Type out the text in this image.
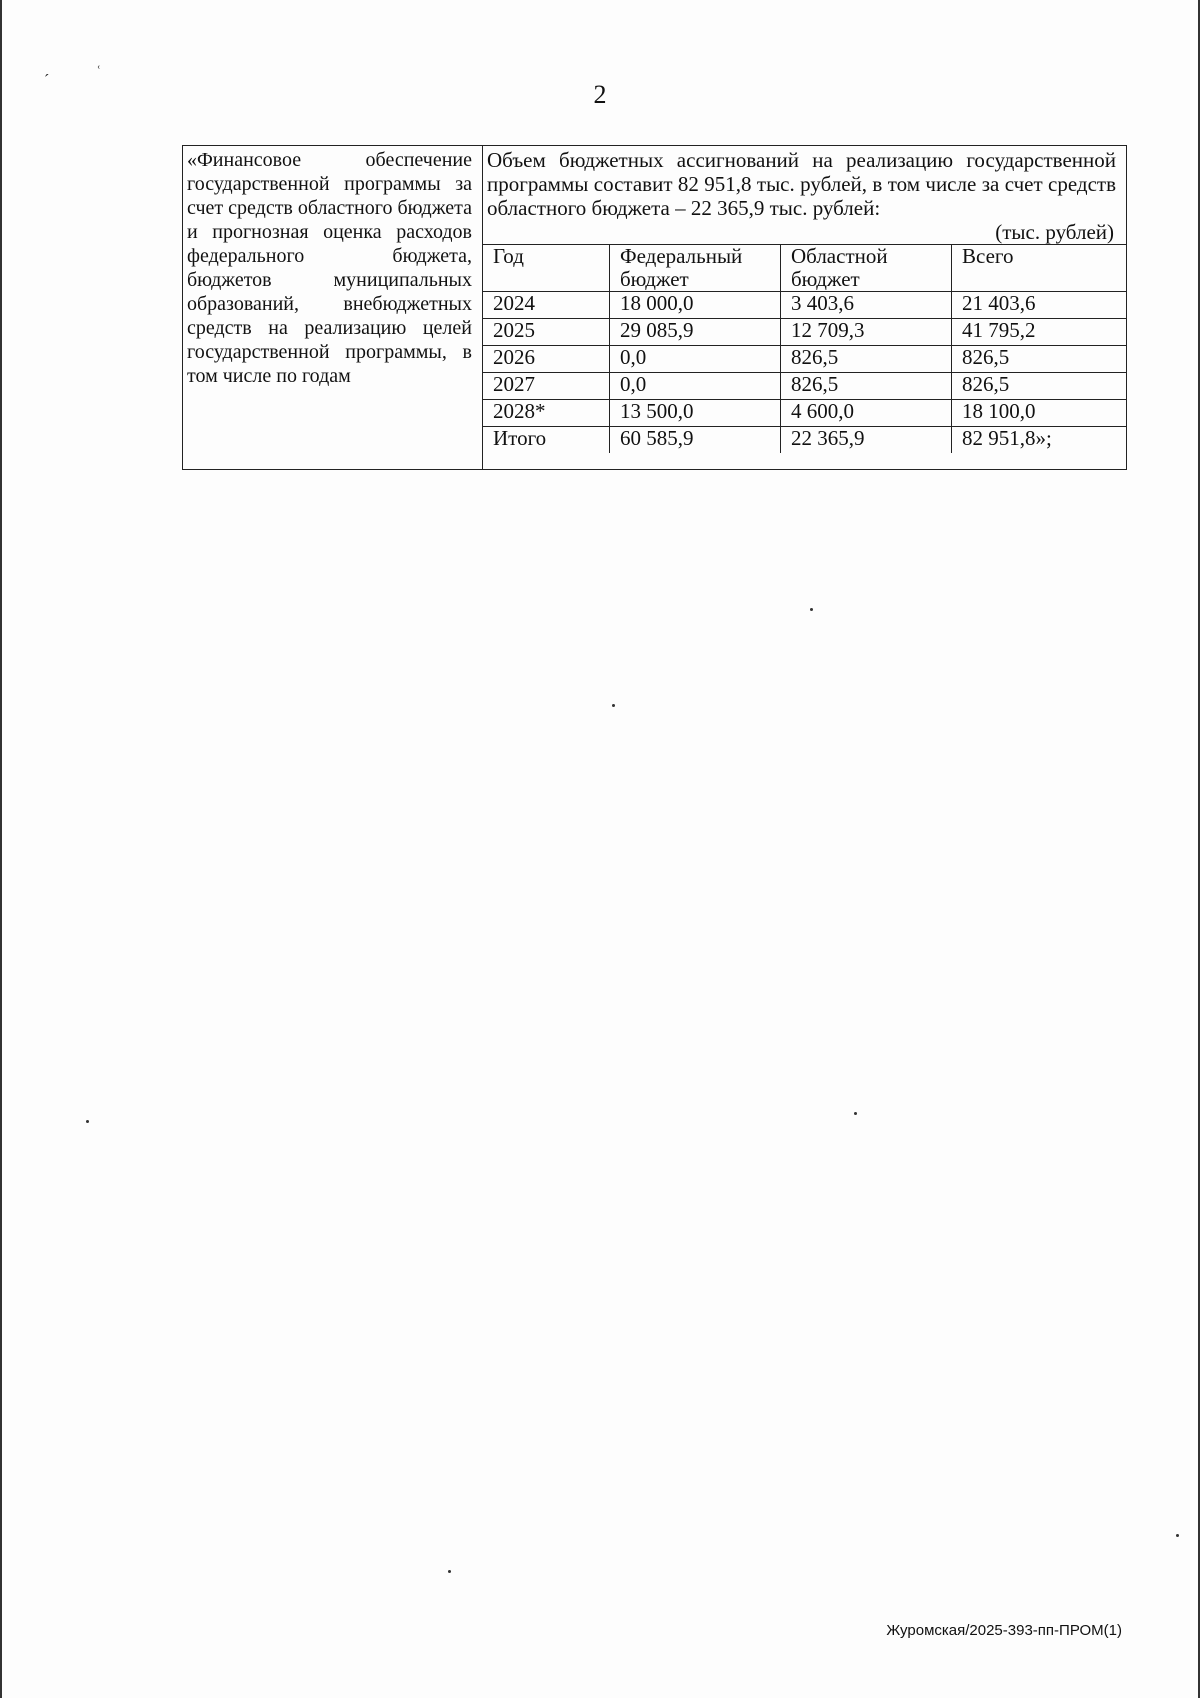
ˊ	ʿ
2
«Финансовое обеспечение государственной программы за счет средств областного бюджета и прогнозная оценка расходов федерального бюджета, бюджетов муниципальных образований, внебюджетных средств на реализацию целей государственной программы, в том числе по годам
Объем бюджетных ассигнований на реализацию государственной программы составит 82 951,8 тыс. рублей, в том числе за счет средств областного бюджета – 22 365,9 тыс. рублей:
(тыс. рублей)
Год	Федеральный бюджет	Областной бюджет	Всего
2024	18 000,0	3 403,6	21 403,6
2025	29 085,9	12 709,3	41 795,2
2026	0,0	826,5	826,5
2027	0,0	826,5	826,5
2028*	13 500,0	4 600,0	18 100,0
Итого	60 585,9	22 365,9	82 951,8»;
Журомская/2025-393-пп-ПРОМ(1)
